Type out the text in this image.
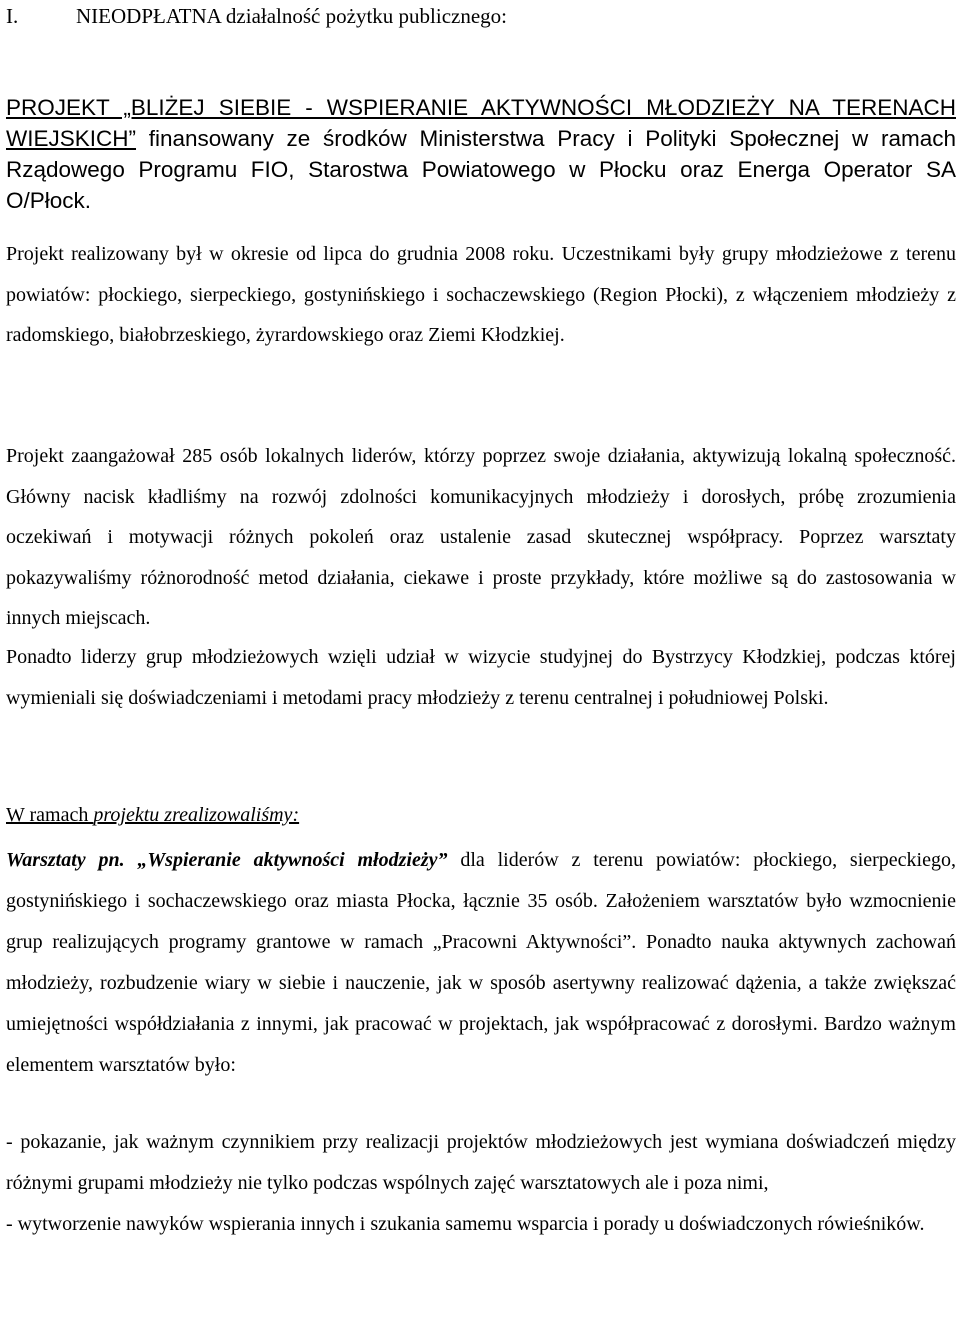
I.	NIEODPŁATNA działalność pożytku publicznego:
PROJEKT „BLIŻEJ SIEBIE - WSPIERANIE AKTYWNOŚCI MŁODZIEŻY NA TERENACH WIEJSKICH” finansowany ze środków Ministerstwa Pracy i Polityki Społecznej w ramach Rządowego Programu FIO, Starostwa Powiatowego w Płocku oraz Energa Operator SA O/Płock.

Projekt realizowany był w okresie od lipca do grudnia 2008 roku. Uczestnikami były grupy młodzieżowe z terenu powiatów: płockiego, sierpeckiego, gostynińskiego i sochaczewskiego (Region Płocki), z włączeniem młodzieży z radomskiego, białobrzeskiego, żyrardowskiego oraz Ziemi Kłodzkiej.

Projekt zaangażował 285 osób lokalnych liderów, którzy poprzez swoje działania, aktywizują lokalną społeczność. Główny nacisk kładliśmy na rozwój zdolności komunikacyjnych młodzieży i dorosłych, próbę zrozumienia oczekiwań i motywacji różnych pokoleń oraz ustalenie zasad skutecznej współpracy. Poprzez warsztaty pokazywaliśmy różnorodność metod działania, ciekawe i proste przykłady, które możliwe są do zastosowania w innych miejscach.

Ponadto liderzy grup młodzieżowych wzięli udział w wizycie studyjnej do Bystrzycy Kłodzkiej, podczas której wymieniali się doświadczeniami i metodami pracy młodzieży z terenu centralnej i południowej Polski.

W ramach projektu zrealizowaliśmy:

Warsztaty pn. „Wspieranie aktywności młodzieży” dla liderów z terenu powiatów: płockiego, sierpeckiego, gostynińskiego i sochaczewskiego oraz miasta Płocka, łącznie 35 osób. Założeniem warsztatów było wzmocnienie grup realizujących programy grantowe w ramach „Pracowni Aktywności”. Ponadto nauka aktywnych zachowań młodzieży, rozbudzenie wiary w siebie i nauczenie, jak w sposób asertywny realizować dążenia, a także zwiększać umiejętności współdziałania z innymi, jak pracować w projektach, jak współpracować z dorosłymi. Bardzo ważnym elementem warsztatów było:

- pokazanie, jak ważnym czynnikiem przy realizacji projektów młodzieżowych jest wymiana doświadczeń między różnymi grupami młodzieży nie tylko podczas wspólnych zajęć warsztatowych ale i poza nimi,

- wytworzenie nawyków wspierania innych i szukania samemu wsparcia i porady u doświadczonych rówieśników.
